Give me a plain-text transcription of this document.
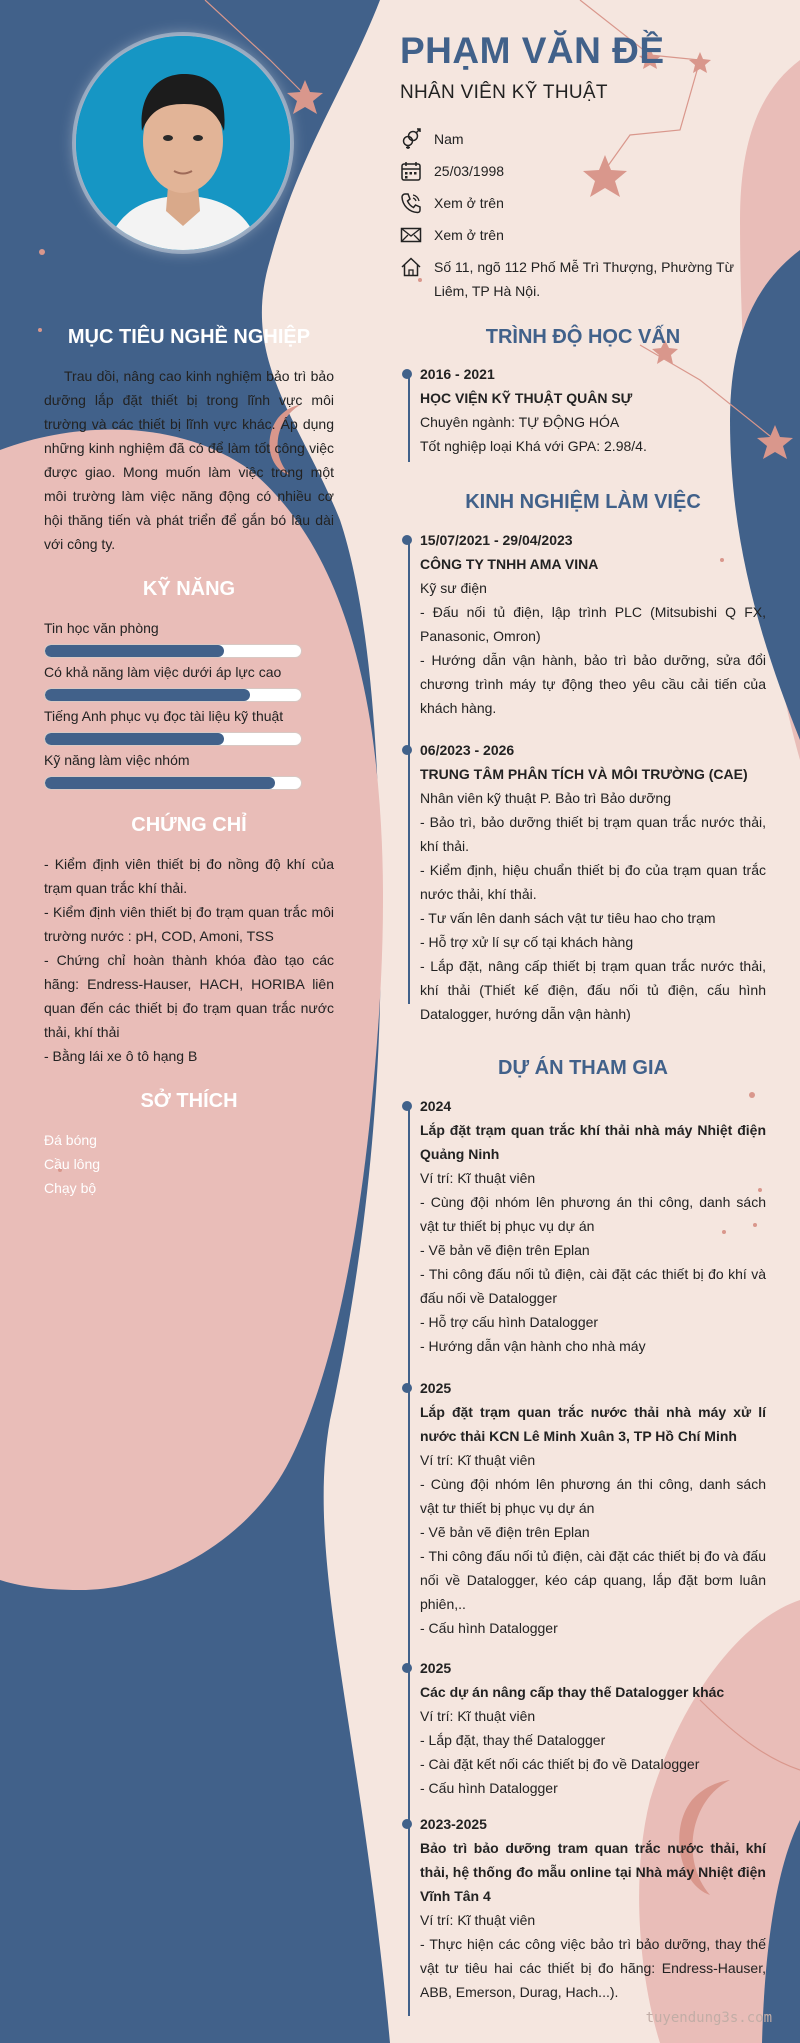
PHẠM VĂN ĐỀ
NHÂN VIÊN KỸ THUẬT
Nam
25/03/1998
Xem ở trên
Xem ở trên
Số 11, ngõ 112 Phố Mễ Trì Thượng, Phường Từ Liêm, TP Hà Nội.
MỤC TIÊU NGHỀ NGHIỆP
Trau dồi, nâng cao kinh nghiệm bảo trì bảo dưỡng lắp đặt thiết bị trong lĩnh vực môi trường và các thiết bị lĩnh vực khác. Áp dụng những kinh nghiệm đã có để làm tốt công việc được giao. Mong muốn làm việc trong một môi trường làm việc năng động có nhiều cơ hội thăng tiến và phát triển để gắn bó lâu dài với công ty.
KỸ NĂNG
Tin học văn phòng
Có khả năng làm việc dưới áp lực cao
Tiếng Anh phục vụ đọc tài liệu kỹ thuật
Kỹ năng làm việc nhóm
CHỨNG CHỈ
- Kiểm định viên thiết bị đo nồng độ khí của trạm quan trắc khí thải.
- Kiểm định viên thiết bị đo trạm quan trắc môi trường nước : pH, COD, Amoni, TSS
- Chứng chỉ hoàn thành khóa đào tạo các hãng: Endress-Hauser, HACH, HORIBA liên quan đến các thiết bị đo trạm quan trắc nước thải, khí thải
- Bằng lái xe ô tô hạng B
SỞ THÍCH
Đá bóng
Cầu lông
Chạy bộ
TRÌNH ĐỘ HỌC VẤN

2016 - 2021

HỌC VIỆN KỸ THUẬT QUÂN SỰ

Chuyên ngành: TỰ ĐỘNG HÓA

Tốt nghiệp loại Khá với GPA: 2.98/4.

KINH NGHIỆM LÀM VIỆC

15/07/2021 - 29/04/2023

CÔNG TY TNHH AMA VINA

Kỹ sư điện

- Đấu nối tủ điện, lập trình PLC (Mitsubishi Q FX, Panasonic, Omron)

- Hướng dẫn vận hành, bảo trì bảo dưỡng, sửa đổi chương trình máy tự động theo yêu cầu cải tiến của khách hàng.

06/2023 - 2026

TRUNG TÂM PHÂN TÍCH VÀ MÔI TRƯỜNG (CAE)

Nhân viên kỹ thuật P. Bảo trì Bảo dưỡng

- Bảo trì, bảo dưỡng thiết bị trạm quan trắc nước thải, khí thải.

- Kiểm định, hiệu chuẩn thiết bị đo của trạm quan trắc nước thải, khí thải.

- Tư vấn lên danh sách vật tư tiêu hao cho trạm

- Hỗ trợ xử lí sự cố tại khách hàng

- Lắp đặt, nâng cấp thiết bị trạm quan trắc nước thải, khí thải (Thiết kế điện, đấu nối tủ điện, cấu hình Datalogger, hướng dẫn vận hành)

DỰ ÁN THAM GIA

2024

Lắp đặt trạm quan trắc khí thải nhà máy Nhiệt điện Quảng Ninh

Ví trí: Kĩ thuật viên

- Cùng đội nhóm lên phương án thi công, danh sách vật tư thiết bị phục vụ dự án

- Vẽ bản vẽ điện trên Eplan

- Thi công đấu nối tủ điện, cài đặt các thiết bị đo khí và đấu nối về Datalogger

- Hỗ trợ cấu hình Datalogger

- Hướng dẫn vận hành cho nhà máy

2025

Lắp đặt trạm quan trắc nước thải nhà máy xử lí nước thải KCN Lê Minh Xuân 3, TP Hồ Chí Minh

Ví trí: Kĩ thuật viên

- Cùng đội nhóm lên phương án thi công, danh sách vật tư thiết bị phục vụ dự án

- Vẽ bản vẽ điện trên Eplan

- Thi công đấu nối tủ điện, cài đặt các thiết bị đo và đấu nối về Datalogger, kéo cáp quang, lắp đặt bơm luân phiên,..

- Cấu hình Datalogger

2025

Các dự án nâng cấp thay thế Datalogger khác

Ví trí: Kĩ thuật viên

- Lắp đặt, thay thế Datalogger

- Cài đặt kết nối các thiết bị đo về Datalogger

- Cấu hình Datalogger

2023-2025

Bảo trì bảo dưỡng tram quan trắc nước thải, khí thải, hệ thống đo mẫu online tại Nhà máy Nhiệt điện Vĩnh Tân 4

Ví trí: Kĩ thuật viên

- Thực hiện các công việc bảo trì bảo dưỡng, thay thế vật tư tiêu hai các thiết bị đo hãng: Endress-Hauser, ABB, Emerson, Durag, Hach...).

tuyendung3s.com
